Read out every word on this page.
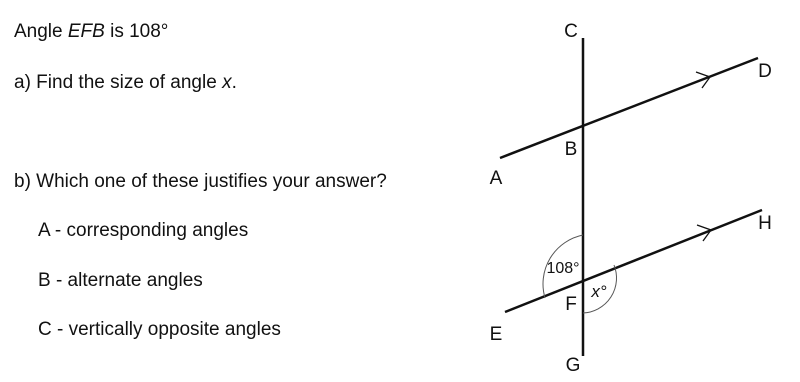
Angle EFB is 108°
a) Find the size of angle x.
b) Which one of these justifies your answer?
A - corresponding angles
B - alternate angles
C - vertically opposite angles
C
D
B
A
H
F
E
G
108°
x°
